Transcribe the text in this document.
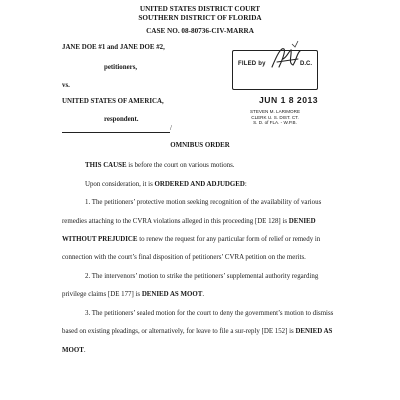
UNITED STATES DISTRICT COURT
SOUTHERN DISTRICT OF FLORIDA
CASE NO. 08-80736-CIV-MARRA
JANE DOE #1 and JANE DOE #2,
petitioners,
vs.
UNITED STATES OF AMERICA,
respondent.
/
FILED by	D.C.
JUN 1 8 2013
STEVEN M. LARIMORE
CLERK U. S. DIST. CT.
S. D. of FLA. - W.P.B.
OMNIBUS ORDER
THIS CAUSE is before the court on various motions.
Upon consideration, it is ORDERED AND ADJUDGED:
1. The petitioners’ protective motion seeking recognition of the availability of various
remedies attaching to the CVRA violations alleged in this proceeding [DE 128] is DENIED
WITHOUT PREJUDICE to renew the request for any particular form of relief or remedy in
connection with the court’s final disposition of petitioners’ CVRA petition on the merits.
2. The intervenors’ motion to strike the petitioners’ supplemental authority regarding
privilege claims [DE 177] is DENIED AS MOOT.
3. The petitioners’ sealed motion for the court to deny the government’s motion to dismiss
based on existing pleadings, or alternatively, for leave to file a sur-reply [DE 152] is DENIED AS
MOOT.
